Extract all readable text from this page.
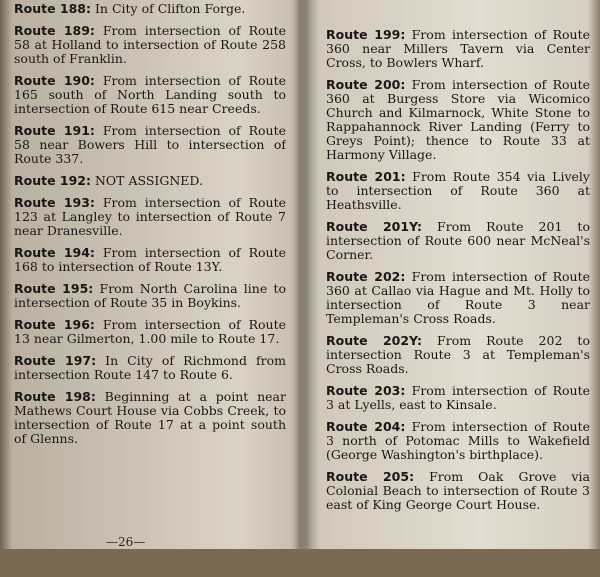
Route 188: In City of Clifton Forge.

Route 189: From intersection of Route 58 at Holland to intersection of Route 258 south of Franklin.

Route 190: From intersection of Route 165 south of North Landing south to intersection of Route 615 near Creeds.

Route 191: From intersection of Route 58 near Bowers Hill to intersection of Route 337.

Route 192: NOT ASSIGNED.

Route 193: From intersection of Route 123 at Langley to intersection of Route 7 near Dranesville.

Route 194: From intersection of Route 168 to intersection of Route 13Y.

Route 195: From North Carolina line to intersection of Route 35 in Boykins.

Route 196: From intersection of Route 13 near Gilmerton, 1.00 mile to Route 17.

Route 197: In City of Richmond from intersection Route 147 to Route 6.

Route 198: Beginning at a point near Mathews Court House via Cobbs Creek, to intersection of Route 17 at a point south of Glenns.

—26—

Route 199: From intersection of Route 360 near Millers Tavern via Center Cross, to Bowlers Wharf.

Route 200: From intersection of Route 360 at Burgess Store via Wicomico Church and Kilmarnock, White Stone to Rappahannock River Landing (Ferry to Greys Point); thence to Route 33 at Harmony Village.

Route 201: From Route 354 via Lively to intersection of Route 360 at Heathsville.

Route 201Y: From Route 201 to intersection of Route 600 near McNeal's Corner.

Route 202: From intersection of Route 360 at Callao via Hague and Mt. Holly to intersection of Route 3 near Templeman's Cross Roads.

Route 202Y: From Route 202 to intersection Route 3 at Templeman's Cross Roads.

Route 203: From intersection of Route 3 at Lyells, east to Kinsale.

Route 204: From intersection of Route 3 north of Potomac Mills to Wakefield (George Washington's birthplace).

Route 205: From Oak Grove via Colonial Beach to intersection of Route 3 east of King George Court House.
